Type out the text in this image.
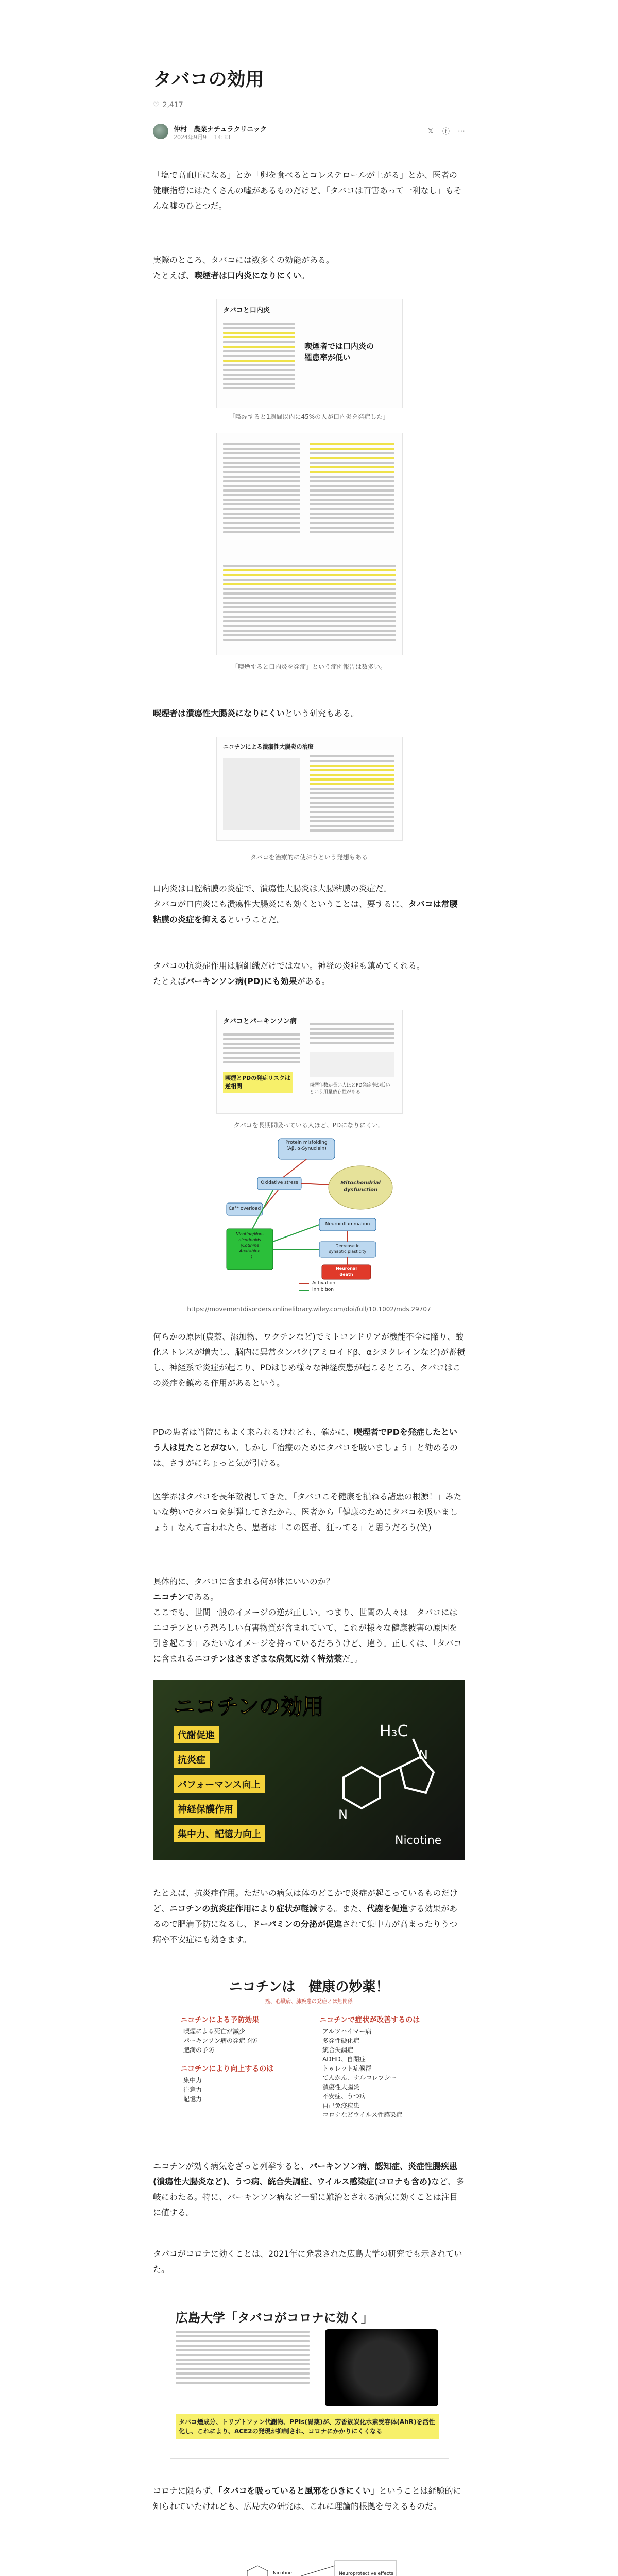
タバコの効用
♡ 2,417
仲村　農業ナチュラクリニック
2024年9月9日 14:33
𝕏 ⓕ ⋯

「塩で高血圧になる」とか「卵を食べるとコレステロールが上がる」とか、医者の健康指導にはたくさんの嘘があるものだけど、「タバコは百害あって一利なし」もそんな嘘のひとつだ。

実際のところ、タバコには数多くの効能がある。
たとえば、喫煙者は口内炎になりにくい。

タバコと口内炎
喫煙者では口内炎の
罹患率が低い

「喫煙すると1週間以内に45%の人が口内炎を発症した」

「喫煙すると口内炎を発症」という症例報告は数多い。

喫煙者は潰瘍性大腸炎になりにくいという研究もある。

ニコチンによる潰瘍性大腸炎の治療

タバコを治療的に使おうという発想もある

口内炎は口腔粘膜の炎症で、潰瘍性大腸炎は大腸粘膜の炎症だ。
タバコが口内炎にも潰瘍性大腸炎にも効くということは、要するに、タバコは常腰粘膜の炎症を抑えるということだ。

タバコの抗炎症作用は脳組織だけではない。神経の炎症も鎮めてくれる。
たとえばパーキンソン病(PD)にも効果がある。

タバコとパーキンソン病
喫煙とPDの発症リスクは
逆相関	喫煙年数が長い人ほどPD発症率が低い
という用量依存性がある

タバコを長期間吸っている人ほど、PDになりにくい。

Protein misfolding
(Aβ, α-Synuclein)
Mitochondrial
dysfunction
Oxidative stress
Ca²⁺ overload
Neuroinflammation
Nicotine/Non-
nicotinoids
(Cotinine
Anatabine
...)
Decrease in
synaptic plasticity
Neuronal
death
Activation
Inhibition

https://movementdisorders.onlinelibrary.wiley.com/doi/full/10.1002/mds.29707

何らかの原因(農薬、添加物、ワクチンなど)でミトコンドリアが機能不全に陥り、酸化ストレスが増大し、脳内に異常タンパク(アミロイドβ、αシヌクレインなど)が蓄積し、神経系で炎症が起こり、PDはじめ様々な神経疾患が起こるところ、タバコはこの炎症を鎮める作用があるという。

PDの患者は当院にもよく来られるけれども、確かに、喫煙者でPDを発症したという人は見たことがない。しかし「治療のためにタバコを吸いましょう」と勧めるのは、さすがにちょっと気が引ける。

医学界はタバコを長年敵視してきた。「タバコこそ健康を損ねる諸悪の根源！」みたいな勢いでタバコを糾弾してきたから、医者から「健康のためにタバコを吸いましょう」なんて言われたら、患者は「この医者、狂ってる」と思うだろう(笑)

具体的に、タバコに含まれる何が体にいいのか？
ニコチンである。
ここでも、世間一般のイメージの逆が正しい。つまり、世間の人々は「タバコにはニコチンという恐ろしい有害物質が含まれていて、これが様々な健康被害の原因を引き起こす」みたいなイメージを持っているだろうけど、違う。正しくは、「タバコに含まれるニコチンはさまざまな病気に効く特効薬だ」。

ニコチンの効用
代謝促進
抗炎症
パフォーマンス向上
神経保護作用
集中力、記憶力向上
H₃C
N
N
Nicotine

たとえば、抗炎症作用。ただいの病気は体のどこかで炎症が起こっているものだけど、ニコチンの抗炎症作用により症状が軽減する。また、代謝を促進する効果があるので肥満予防になるし、ドーパミンの分泌が促進されて集中力が高まったりうつ病や不安症にも効きます。

ニコチンは　健康の妙薬！
癌、心臓病、肺疾患の発症とは無関係
ニコチンによる予防効果
喫煙による死亡が減少
パーキンソン病の発症予防
肥満の予防
ニコチンにより向上するのは
集中力
注意力
記憶力
ニコチンで症状が改善するのは
アルツハイマー病
多発性硬化症
統合失調症
ADHD、自閉症
トゥレット症候群
てんかん、ナルコレプシー
潰瘍性大腸炎
不安症、うつ病
自己免疫疾患
コロナなどウイルス性感染症

ニコチンが効く病気をざっと列挙すると、パーキンソン病、認知症、炎症性腸疾患(潰瘍性大腸炎など)、うつ病、統合失調症、ウイルス感染症(コロナも含め)など、多岐にわたる。特に、パーキンソン病など一部に難治とされる病気に効くことは注目に値する。

タバコがコロナに効くことは、2021年に発表された広島大学の研究でも示されていた。

広島大学「タバコがコロナに効く」
タバコ煙成分、トリプトファン代謝物、PPIs(胃薬)が、芳香族炭化水素受容体(AhR)を活性化し、これにより、ACE2の発現が抑制され、コロナにかかりにくくなる

コロナに限らず、「タバコを吸っていると風邪をひきにくい」ということは経験的に知られていたけれども、広島大の研究は、これに理論的根拠を与えるものだ。

Nicotine	Neuroprotective effects
